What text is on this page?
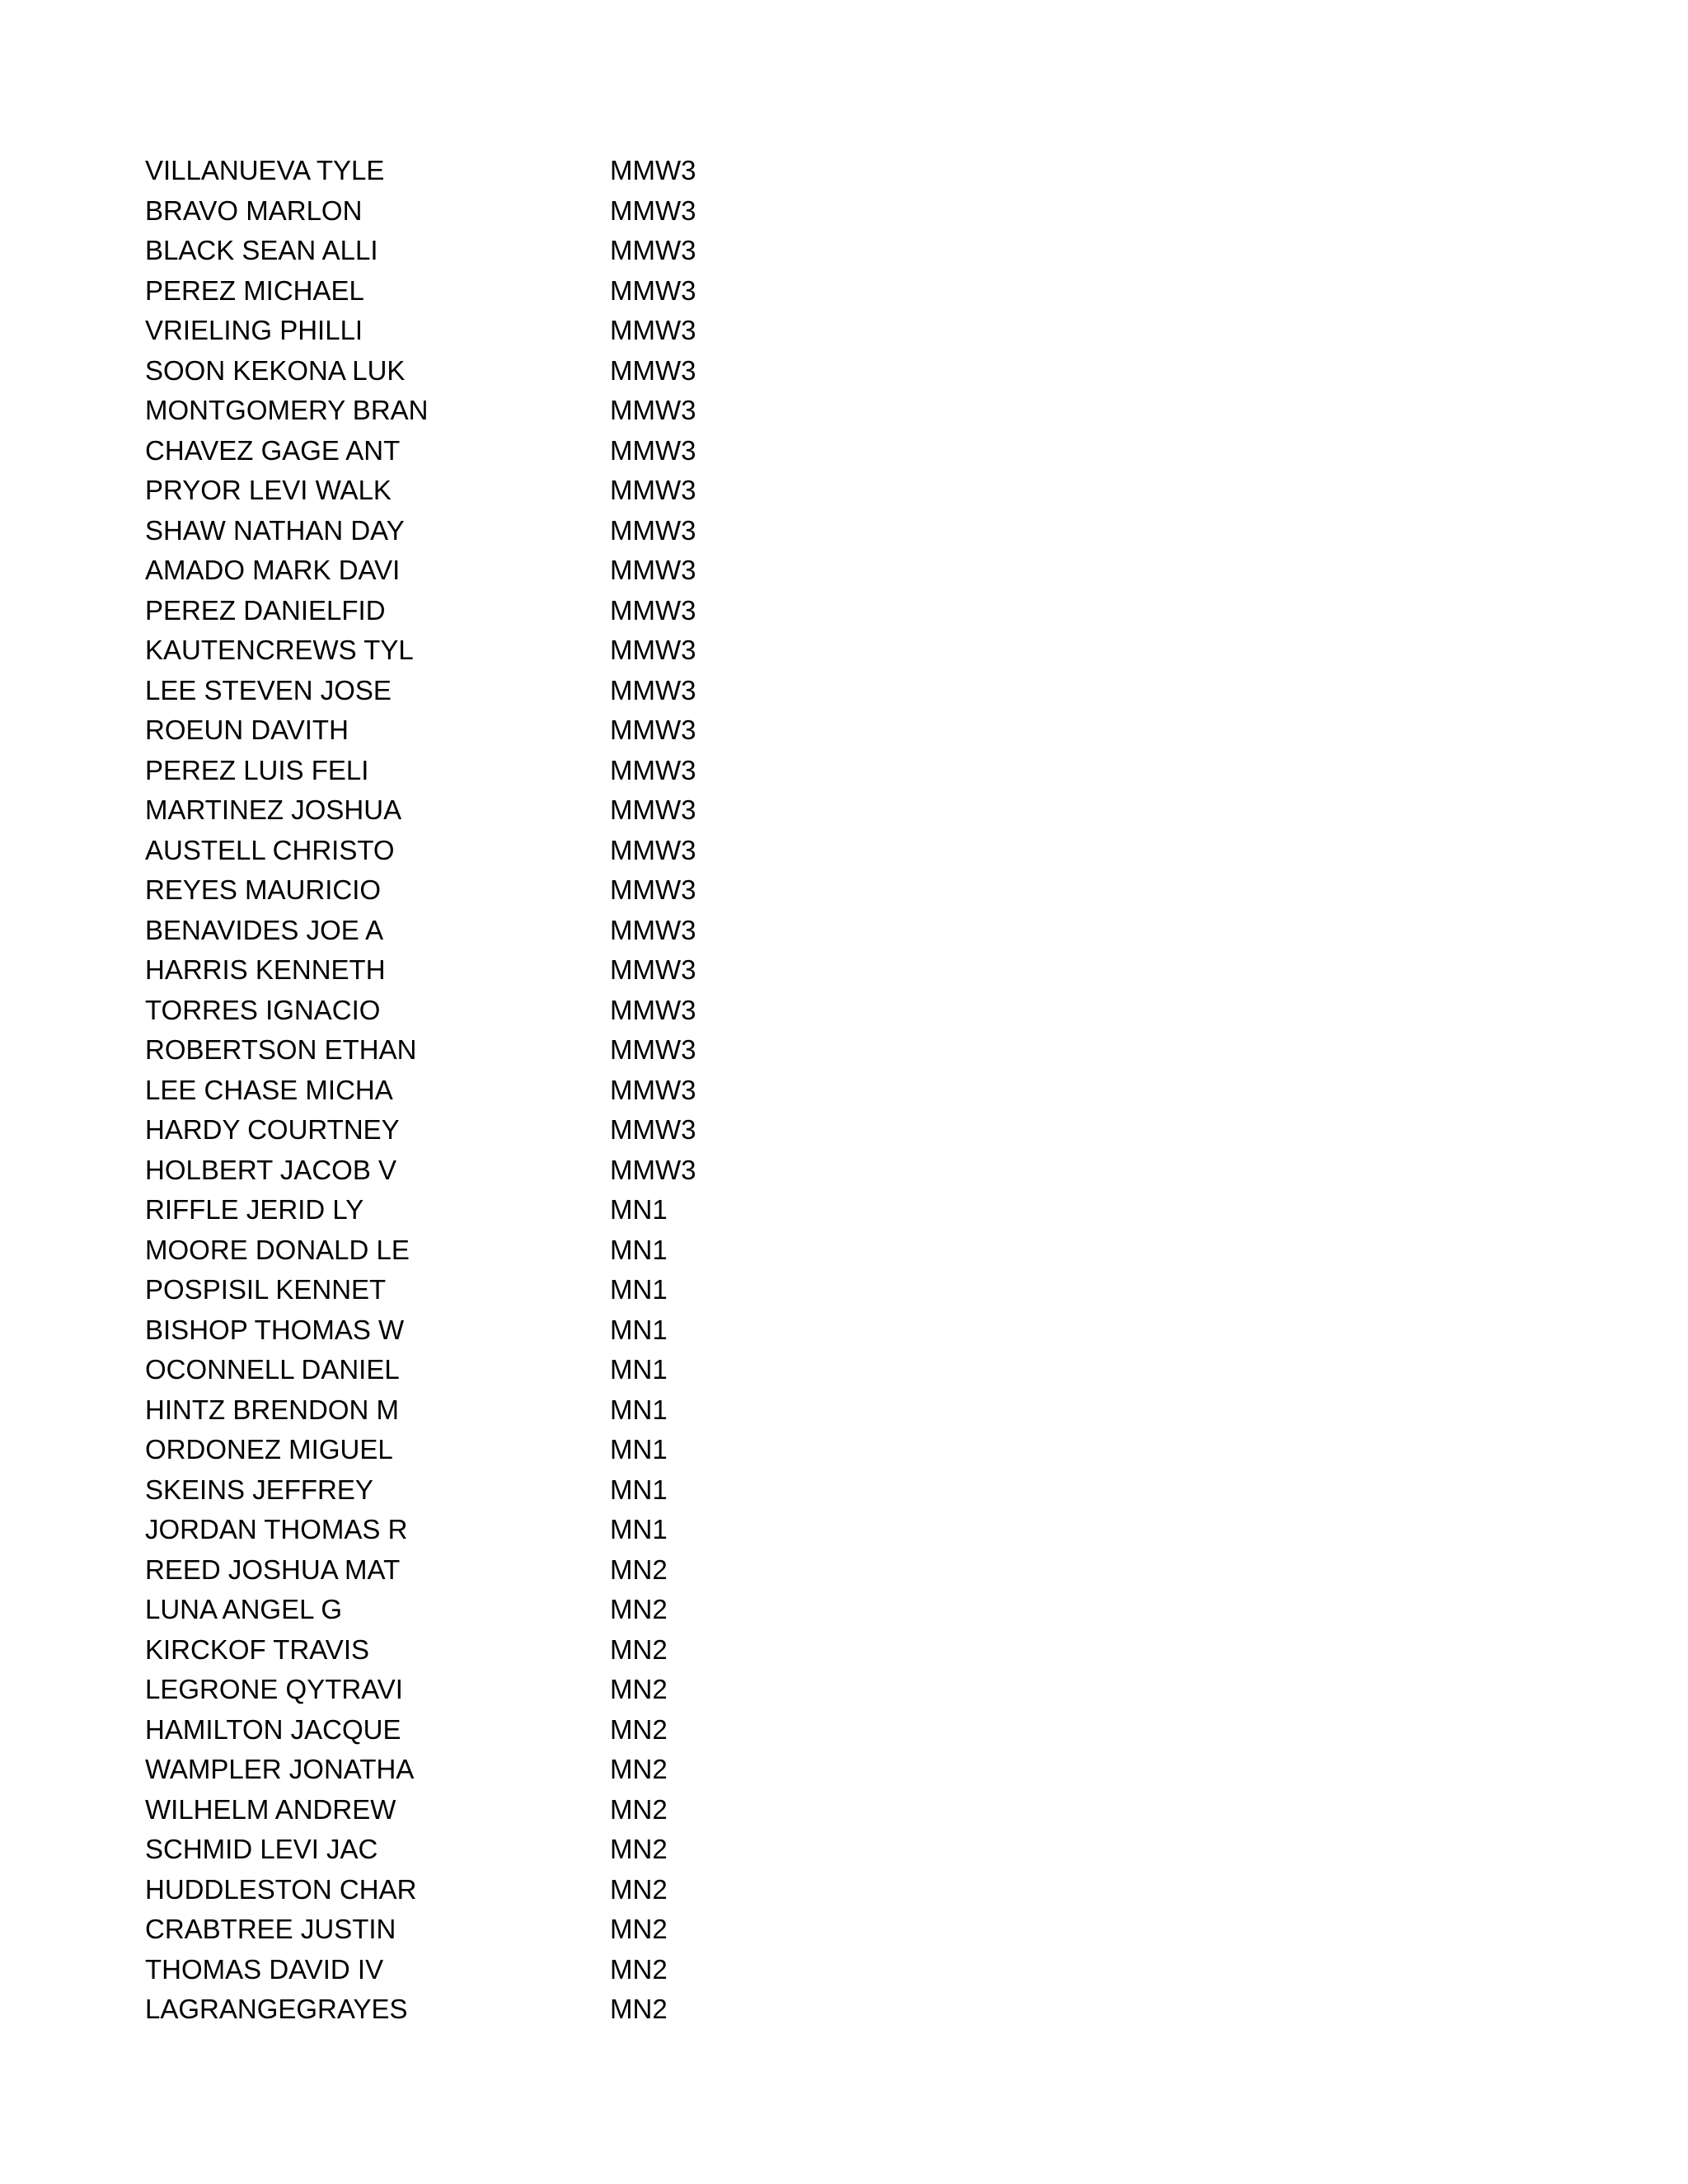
VILLANUEVA TYLE	MMW3
BRAVO MARLON	MMW3
BLACK SEAN ALLI	MMW3
PEREZ MICHAEL	MMW3
VRIELING PHILLI	MMW3
SOON KEKONA LUK	MMW3
MONTGOMERY BRAN	MMW3
CHAVEZ GAGE ANT	MMW3
PRYOR LEVI WALK	MMW3
SHAW NATHAN DAY	MMW3
AMADO MARK DAVI	MMW3
PEREZ DANIELFID	MMW3
KAUTENCREWS TYL	MMW3
LEE STEVEN JOSE	MMW3
ROEUN DAVITH	MMW3
PEREZ LUIS FELI	MMW3
MARTINEZ JOSHUA	MMW3
AUSTELL CHRISTO	MMW3
REYES MAURICIO	MMW3
BENAVIDES JOE A	MMW3
HARRIS KENNETH	MMW3
TORRES IGNACIO	MMW3
ROBERTSON ETHAN	MMW3
LEE CHASE MICHA	MMW3
HARDY COURTNEY	MMW3
HOLBERT JACOB V	MMW3
RIFFLE JERID LY	MN1
MOORE DONALD LE	MN1
POSPISIL KENNET	MN1
BISHOP THOMAS W	MN1
OCONNELL DANIEL	MN1
HINTZ BRENDON M	MN1
ORDONEZ MIGUEL	MN1
SKEINS JEFFREY	MN1
JORDAN THOMAS R	MN1
REED JOSHUA MAT	MN2
LUNA ANGEL G	MN2
KIRCKOF TRAVIS	MN2
LEGRONE QYTRAVI	MN2
HAMILTON JACQUE	MN2
WAMPLER JONATHA	MN2
WILHELM ANDREW	MN2
SCHMID LEVI JAC	MN2
HUDDLESTON CHAR	MN2
CRABTREE JUSTIN	MN2
THOMAS DAVID IV	MN2
LAGRANGEGRAYES	MN2
